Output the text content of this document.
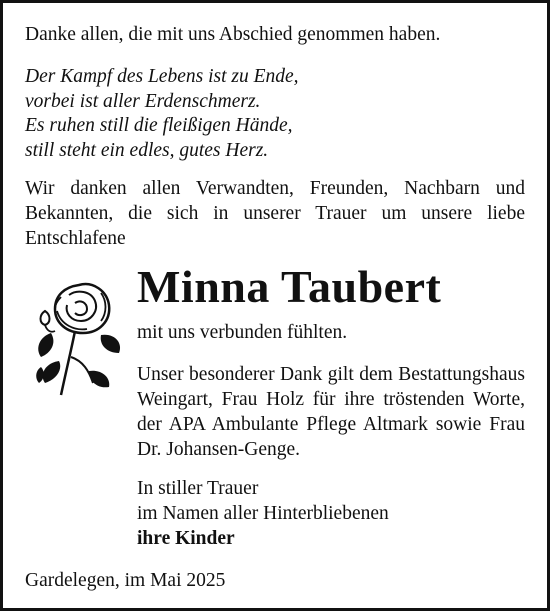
Danke allen, die mit uns Abschied genommen haben.
Der Kampf des Lebens ist zu Ende,
vorbei ist aller Erdenschmerz.
Es ruhen still die fleißigen Hände,
still steht ein edles, gutes Herz.
Wir danken allen Verwandten, Freunden, Nachbarn und Bekannten, die sich in unserer Trauer um unsere liebe Entschlafene
Minna Taubert
mit uns verbunden fühlten.
Unser besonderer Dank gilt dem Bestattungshaus Weingart, Frau Holz für ihre tröstenden Worte, der APA Ambulante Pflege Altmark sowie Frau Dr. Johansen-Genge.
In stiller Trauer
im Namen aller Hinterbliebenen
ihre Kinder
Gardelegen, im Mai 2025
